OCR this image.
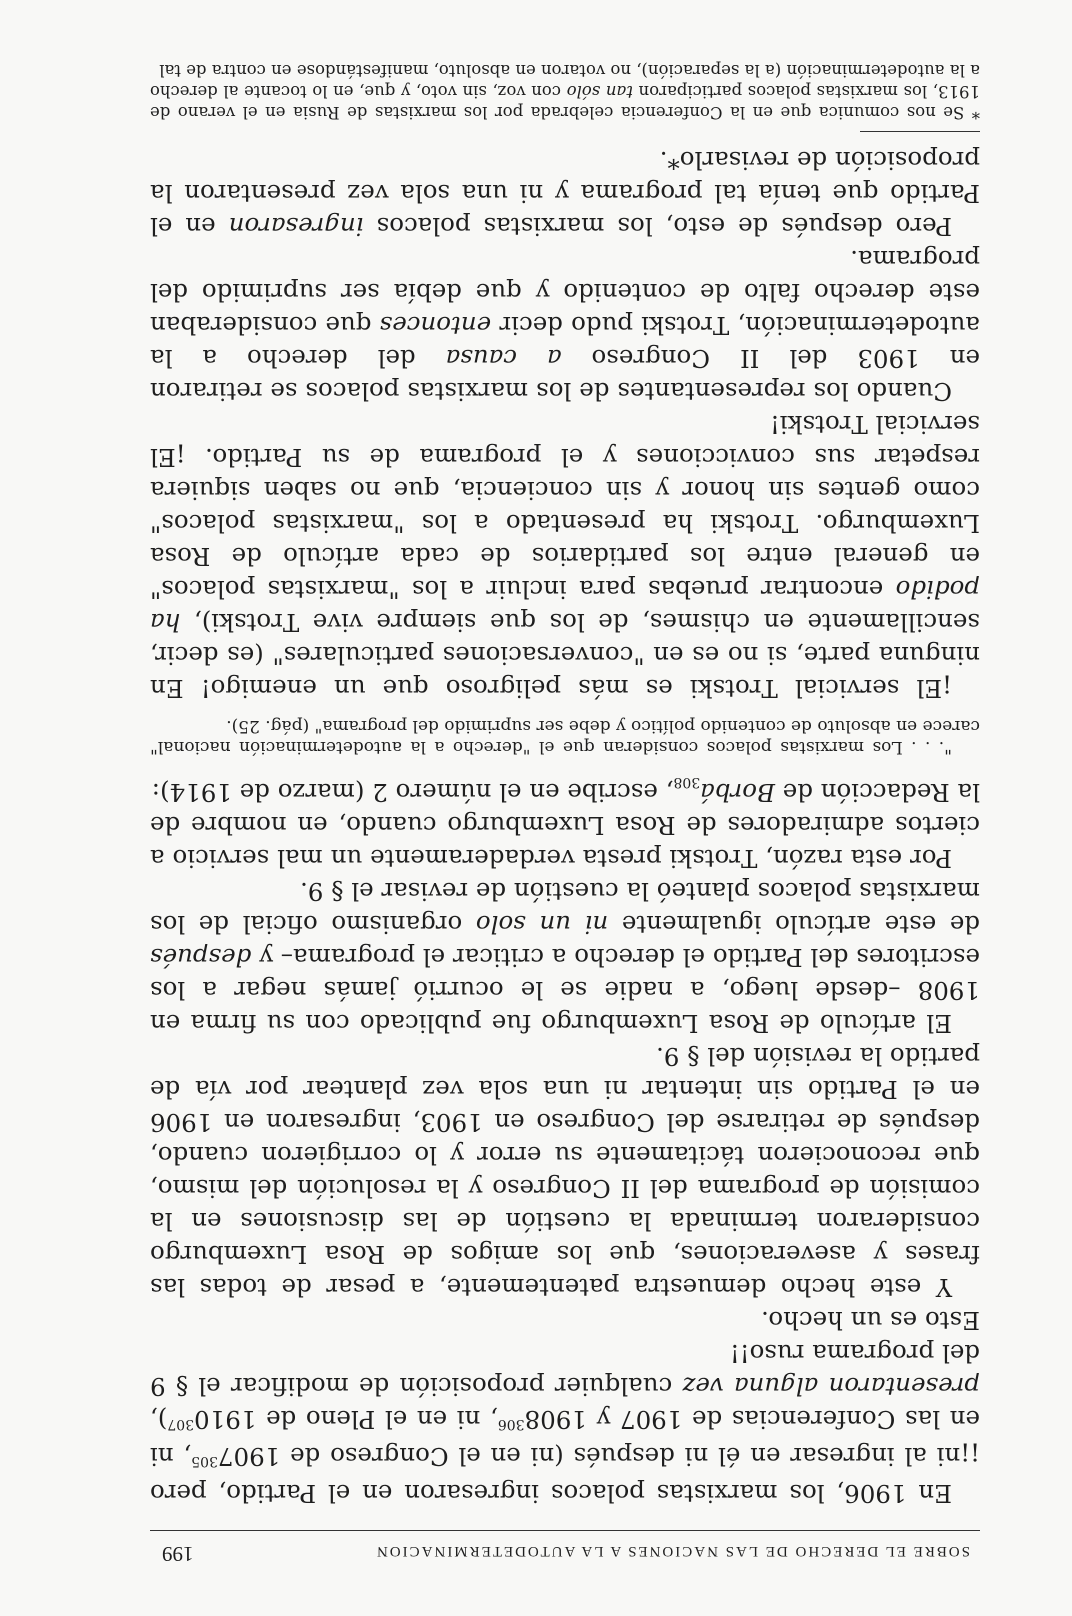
SOBRE EL DERECHO DE LAS NACIONES A LA AUTODETERMINACION
199

En 1906, los marxistas polacos ingresaron en el Partido, pero ¡¡ni al ingresar en él ni después (ni en el Congreso de 1907$^{305}$, ni en las Conferencias de 1907 y 1908$^{306}$, ni en el Pleno de 1910$^{307}$), presentaron alguna vez cualquier proposición de modificar el § 9 del programa ruso!!

Esto es un hecho.

Y este hecho demuestra patentemente, a pesar de todas las frases y aseveraciones, que los amigos de Rosa Luxemburgo consideraron terminada la cuestión de las discusiones en la comisión de programa del II Congreso y la resolución del mismo, que reconocieron tácitamente su error y lo corrigieron cuando, después de retirarse del Congreso en 1903, ingresaron en 1906 en el Partido sin intentar ni una sola vez plantear por vía de partido la revisión del § 9.

El artículo de Rosa Luxemburgo fue publicado con su firma en 1908 –desde luego, a nadie se le ocurrió jamás negar a los escritores del Partido el derecho a criticar el programa– y después de este artículo igualmente ni un solo organismo oficial de los marxistas polacos planteó la cuestión de revisar el § 9.

Por esta razón, Trotski presta verdaderamente un mal servicio a ciertos admiradores de Rosa Luxemburgo cuando, en nombre de la Redacción de Borbá$_{308}$, escribe en el número 2 (marzo de 1914):

". . . Los marxistas polacos consideran que el "derecho a la autodeterminación nacional" carece en absoluto de contenido político y debe ser suprimido del programa" (pág. 25).

¡El servicial Trotski es más peligroso que un enemigo! En ninguna parte, si no es en "conversaciones particulares" (es decir, sencillamente en chismes, de los que siempre vive Trotski), ha podido encontrar pruebas para incluir a los "marxistas polacos" en general entre los partidarios de cada artículo de Rosa Luxemburgo. Trotski ha presentado a los "marxistas polacos" como gentes sin honor y sin conciencia, que no saben siquiera respetar sus convicciones y el programa de su Partido. ¡El servicial Trotski!

Cuando los representantes de los marxistas polacos se retiraron en 1903 del II Congreso a causa del derecho a la autodeterminación, Trotski pudo decir entonces que consideraban este derecho falto de contenido y que debía ser suprimido del programa.

Pero después de esto, los marxistas polacos ingresaron en el Partido que tenía tal programa y ni una sola vez presentaron la proposición de revisarlo*.

* Se nos comunica que en la Conferencia celebrada por los marxistas de Rusia en el verano de 1913, los marxistas polacos participaron tan sólo con voz, sin voto, y que, en lo tocante al derecho a la autodeterminación (a la separación), no votaron en absoluto, manifestándose en contra de tal
